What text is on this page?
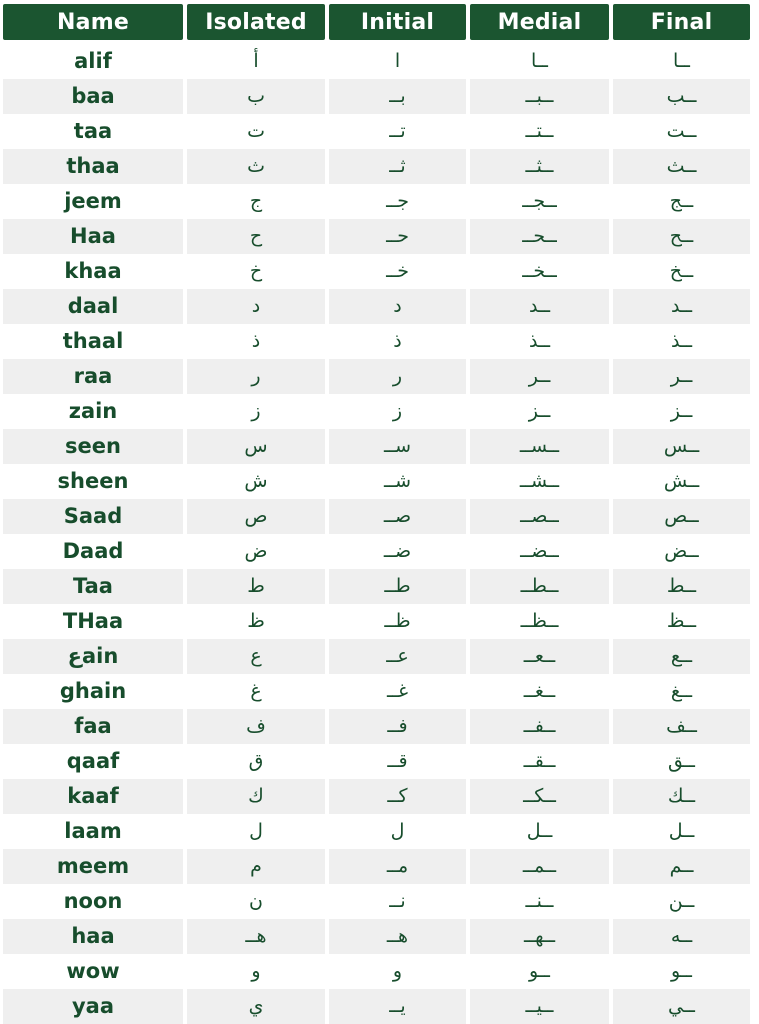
Name	Isolated	Initial	Medial	Final
alif	أ	ا	ــا	ــا
baa	ب	بــ	ــبــ	ــب
taa	ت	تــ	ــتــ	ــت
thaa	ث	ثــ	ــثــ	ــث
jeem	ج	جــ	ــجــ	ــج
Haa	ح	حــ	ــحــ	ــح
khaa	خ	خــ	ــخــ	ــخ
daal	د	د	ــد	ــد
thaal	ذ	ذ	ــذ	ــذ
raa	ر	ر	ــر	ــر
zain	ز	ز	ــز	ــز
seen	س	ســ	ــســ	ــس
sheen	ش	شــ	ــشــ	ــش
Saad	ص	صــ	ــصــ	ــص
Daad	ض	ضــ	ــضــ	ــض
Taa	ط	طــ	ــطــ	ــط
THaa	ظ	ظــ	ــظــ	ــظ
عain	ع	عــ	ــعــ	ــع
ghain	غ	غــ	ــغــ	ــغ
faa	ف	فــ	ــفــ	ــف
qaaf	ق	قــ	ــقــ	ــق
kaaf	ك	كــ	ــكــ	ــك
laam	ل	ل	ــل	ــل
meem	م	مــ	ــمــ	ــم
noon	ن	نــ	ــنــ	ــن
haa	هــ	هــ	ــهــ	ــه
wow	و	و	ــو	ــو
yaa	ي	يــ	ــيــ	ــي
